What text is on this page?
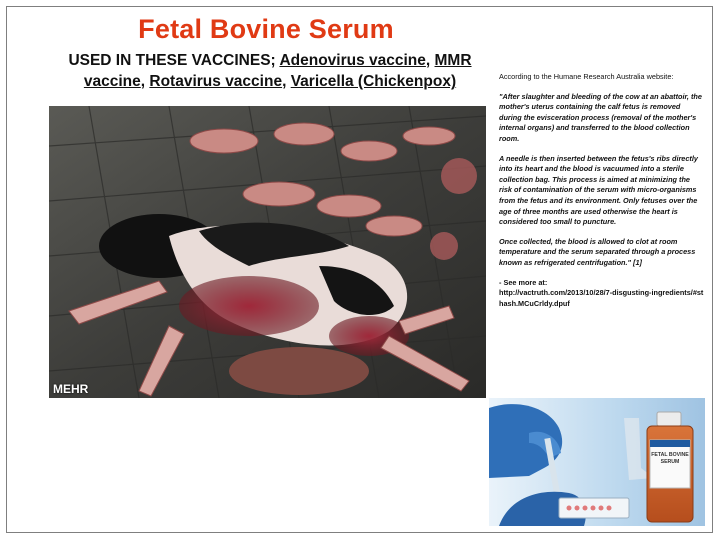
Fetal Bovine Serum
USED IN THESE VACCINES; Adenovirus vaccine, MMR vaccine, Rotavirus vaccine, Varicella (Chickenpox)
MEHR

According to the Humane Research Australia website:

"After slaughter and bleeding of the cow at an abattoir, the mother's uterus containing the calf fetus is removed during the evisceration process (removal of the mother's internal organs) and transferred to the blood collection room.

A needle is then inserted between the fetus's ribs directly into its heart and the blood is vacuumed into a sterile collection bag. This process is aimed at minimizing the risk of contamination of the serum with micro-organisms from the fetus and its environment. Only fetuses over the age of three months are used otherwise the heart is considered too small to puncture.

Once collected, the blood is allowed to clot at room temperature and the serum separated through a process known as refrigerated centrifugation." [1]

- See more at:
http://vactruth.com/2013/10/28/7-disgusting-ingredients/#sthash.MCuCrldy.dpuf

FETAL BOVINE
SERUM
